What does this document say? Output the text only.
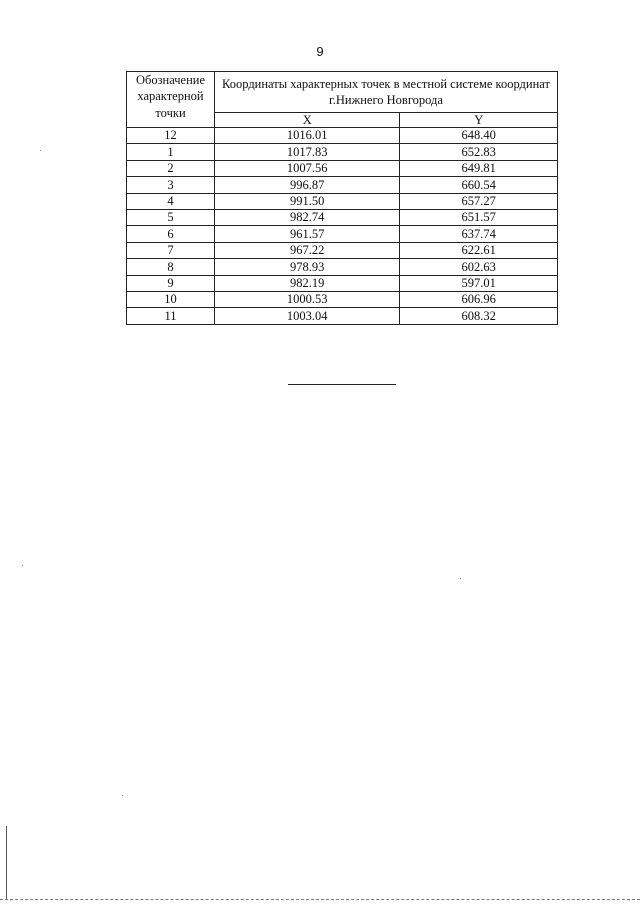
9
Обозначение характерной точки	Координаты характерных точек в местной системе координат г.Нижнего Новгорода	
	X	Y
12	1016.01	648.40
1	1017.83	652.83
2	1007.56	649.81
3	996.87	660.54
4	991.50	657.27
5	982.74	651.57
6	961.57	637.74
7	967.22	622.61
8	978.93	602.63
9	982.19	597.01
10	1000.53	606.96
11	1003.04	608.32
